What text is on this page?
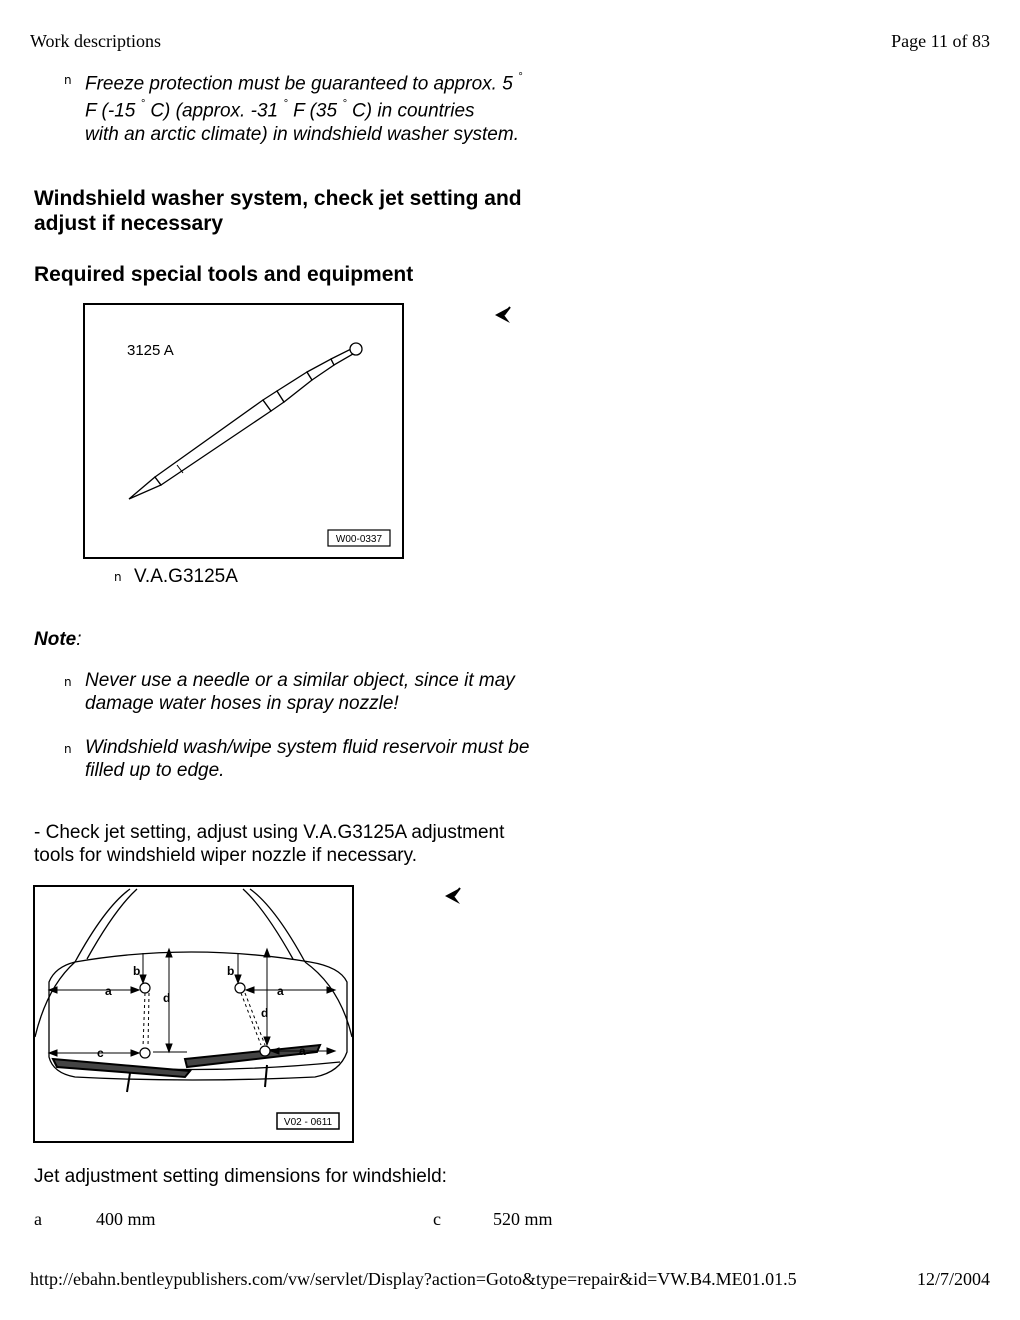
Work descriptions	Page 11 of 83
n Freeze protection must be guaranteed to approx. 5 °
F (-15 ° C) (approx. -31 ° F (35 ° C) in countries
with an arctic climate) in windshield washer system.
Windshield washer system, check jet setting and
adjust if necessary
Required special tools and equipment
3125 A
W00-0337
n V.A.G3125A
Note:
n Never use a needle or a similar object, since it may
damage water hoses in spray nozzle!
n Windshield wash/wipe system fluid reservoir must be
filled up to edge.
- Check jet setting, adjust using V.A.G3125A adjustment
tools for windshield wiper nozzle if necessary.
a
b
d
c
b
d
a
a
V02 - 0611
Jet adjustment setting dimensions for windshield:
a	400 mm	c	520 mm
http://ebahn.bentleypublishers.com/vw/servlet/Display?action=Goto&type=repair&id=VW.B4.ME01.01.5	12/7/2004
